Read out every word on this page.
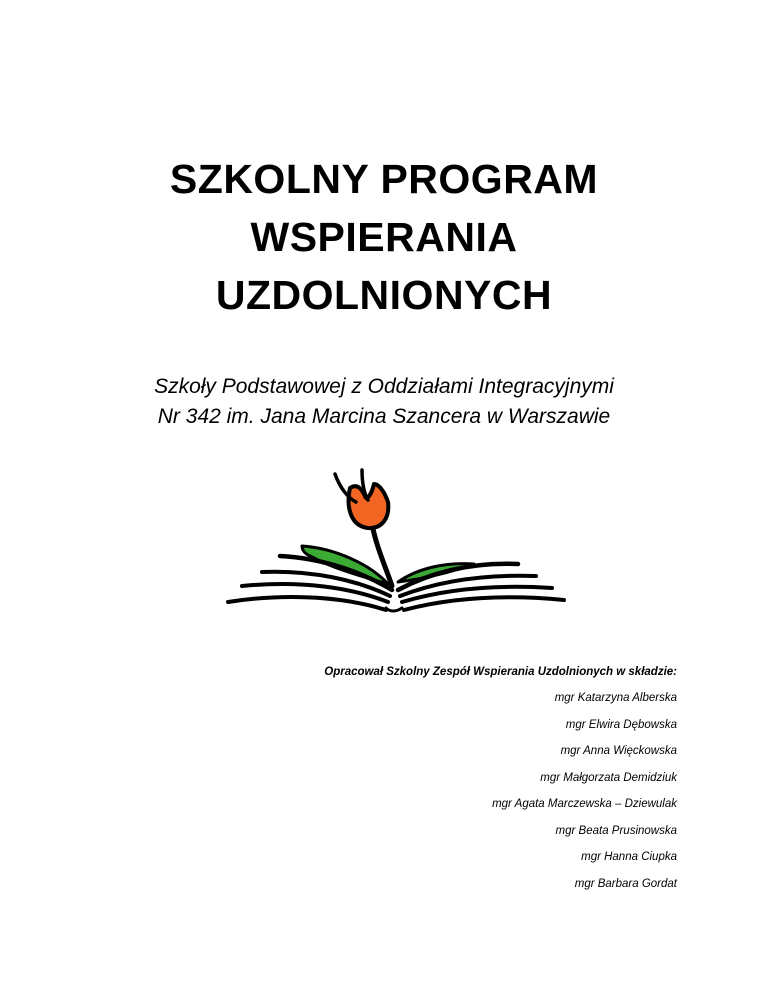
SZKOLNY PROGRAM
WSPIERANIA
UZDOLNIONYCH
Szkoły Podstawowej z Oddziałami Integracyjnymi
Nr 342 im. Jana Marcina Szancera w Warszawie
Opracował Szkolny Zespół Wspierania Uzdolnionych w składzie:
mgr Katarzyna Alberska
mgr Elwira Dębowska
mgr Anna Więckowska
mgr Małgorzata Demidziuk
mgr Agata Marczewska – Dziewulak
mgr Beata Prusinowska
mgr Hanna Ciupka
mgr Barbara Gordat
